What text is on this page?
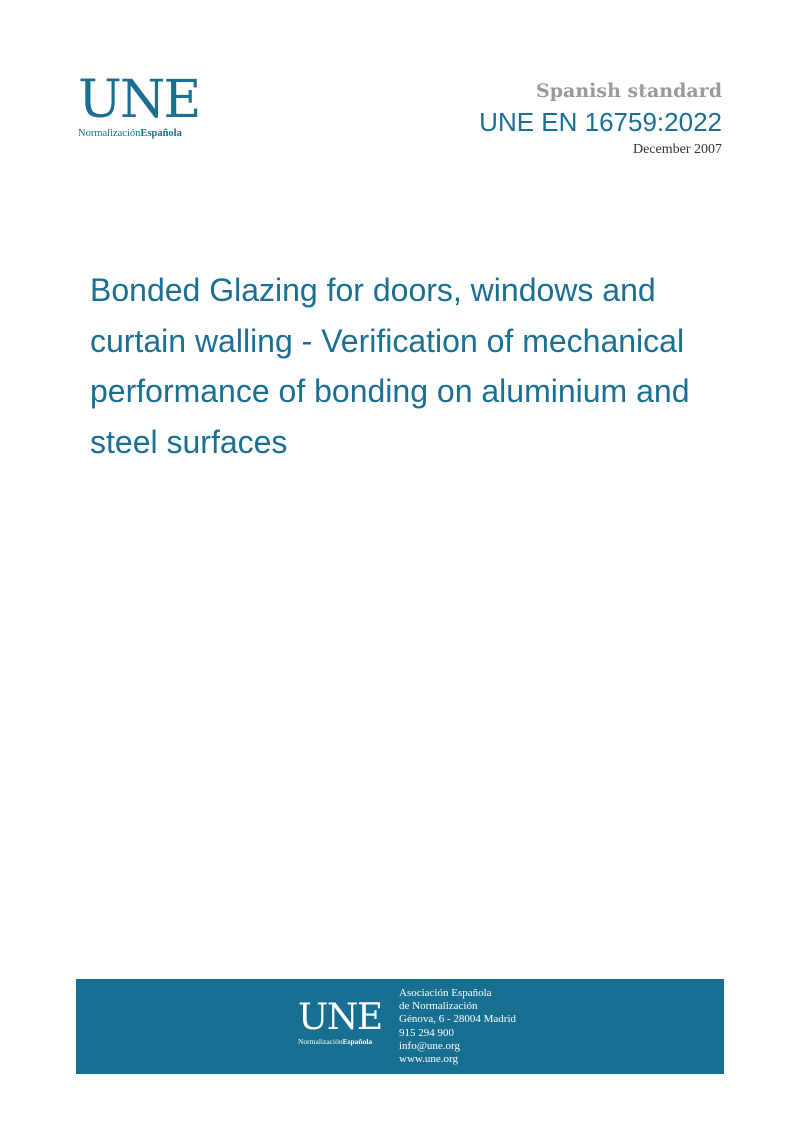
UNE
NormalizaciónEspañola
Spanish standard
UNE EN 16759:2022
December 2007
Bonded Glazing for doors, windows and curtain walling - Verification of mechanical performance of bonding on aluminium and steel surfaces
UNE
NormalizaciónEspañola
Asociación Española
de Normalización
Génova, 6 - 28004 Madrid
915 294 900
info@une.org
www.une.org
